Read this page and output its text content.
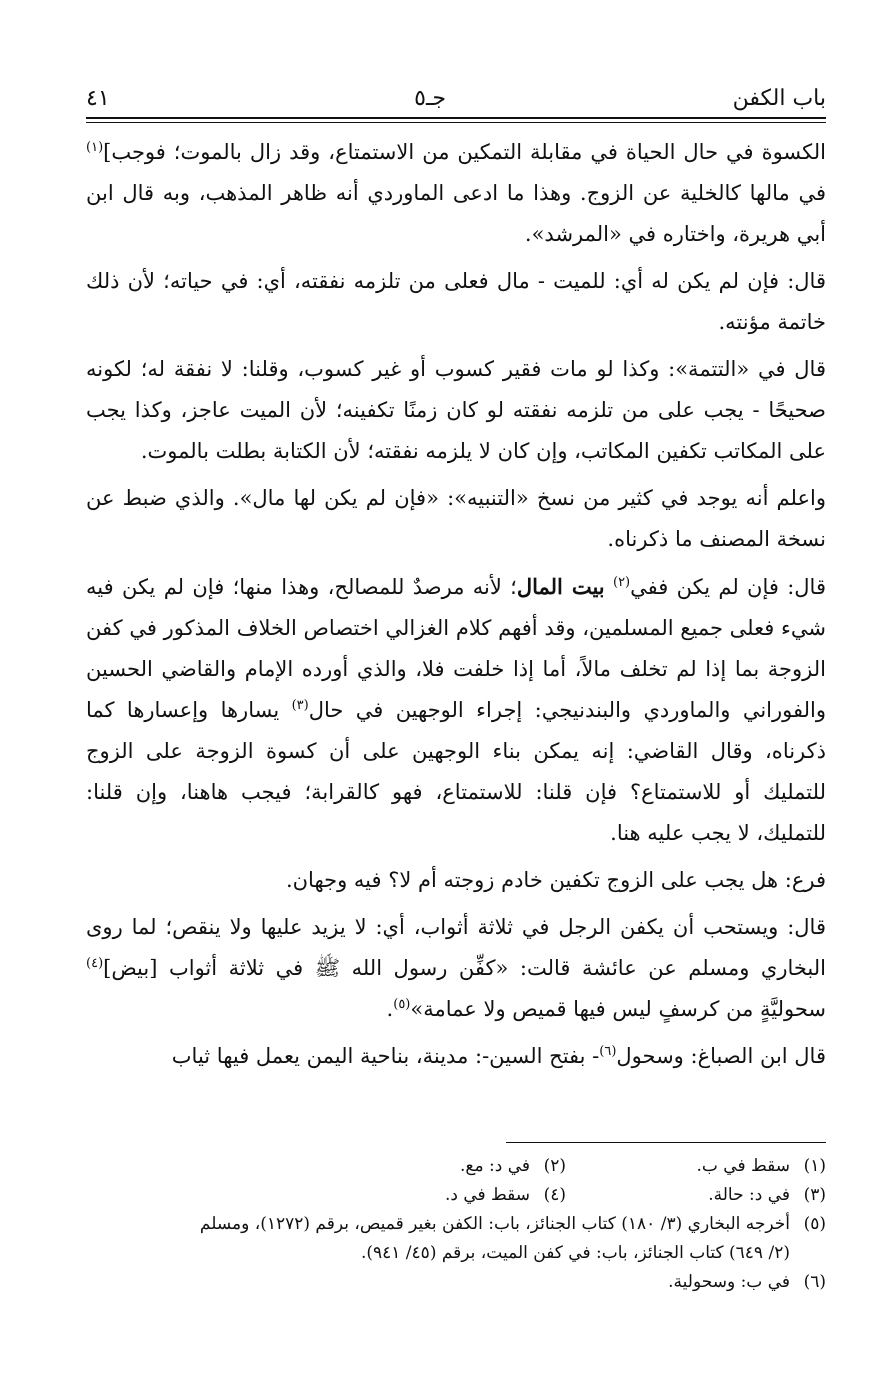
باب الكفن
جـ٥
٤١

الكسوة في حال الحياة في مقابلة التمكين من الاستمتاع، وقد زال بالموت؛ فوجب]$^{(١)}$ في مالها كالخلية عن الزوج. وهذا ما ادعى الماوردي أنه ظاهر المذهب، وبه قال ابن أبي هريرة، واختاره في «المرشد».

قال: فإن لم يكن له أي: للميت - مال فعلى من تلزمه نفقته، أي: في حياته؛ لأن ذلك خاتمة مؤنته.

قال في «التتمة»: وكذا لو مات فقير كسوب أو غير كسوب، وقلنا: لا نفقة له؛ لكونه صحيحًا - يجب على من تلزمه نفقته لو كان زمنًا تكفينه؛ لأن الميت عاجز، وكذا يجب على المكاتب تكفين المكاتب، وإن كان لا يلزمه نفقته؛ لأن الكتابة بطلت بالموت.

واعلم أنه يوجد في كثير من نسخ «التنبيه»: «فإن لم يكن لها مال». والذي ضبط عن نسخة المصنف ما ذكرناه.

قال: فإن لم يكن ففي$^{(٢)}$ بيت المال؛ لأنه مرصدٌ للمصالح، وهذا منها؛ فإن لم يكن فيه شيء فعلى جميع المسلمين، وقد أفهم كلام الغزالي اختصاص الخلاف المذكور في كفن الزوجة بما إذا لم تخلف مالاً، أما إذا خلفت فلا، والذي أورده الإمام والقاضي الحسين والفوراني والماوردي والبندنيجي: إجراء الوجهين في حال$^{(٣)}$ يسارها وإعسارها كما ذكرناه، وقال القاضي: إنه يمكن بناء الوجهين على أن كسوة الزوجة على الزوج للتمليك أو للاستمتاع؟ فإن قلنا: للاستمتاع، فهو كالقرابة؛ فيجب هاهنا، وإن قلنا: للتمليك، لا يجب عليه هنا.

فرع: هل يجب على الزوج تكفين خادم زوجته أم لا؟ فيه وجهان.

قال: ويستحب أن يكفن الرجل في ثلاثة أثواب، أي: لا يزيد عليها ولا ينقص؛ لما روى البخاري ومسلم عن عائشة قالت: «كفِّن رسول الله ﷺ في ثلاثة أثواب [بيض]$^{(٤)}$ سحوليَّةٍ من كرسفٍ ليس فيها قميص ولا عمامة»$^{(٥)}$.

قال ابن الصباغ: وسحول$^{(٦)}$- بفتح السين-: مدينة، بناحية اليمن يعمل فيها ثياب

(١)سقط في ب.
(٢)في د: مع.
(٣)في د: حالة.
(٤)سقط في د.
(٥)أخرجه البخاري (٣/ ١٨٠) كتاب الجنائز، باب: الكفن بغير قميص، برقم (١٢٧٢)، ومسلم
(٢/ ٦٤٩) كتاب الجنائز، باب: في كفن الميت، برقم (٤٥/ ٩٤١).
(٦)في ب: وسحولية.
